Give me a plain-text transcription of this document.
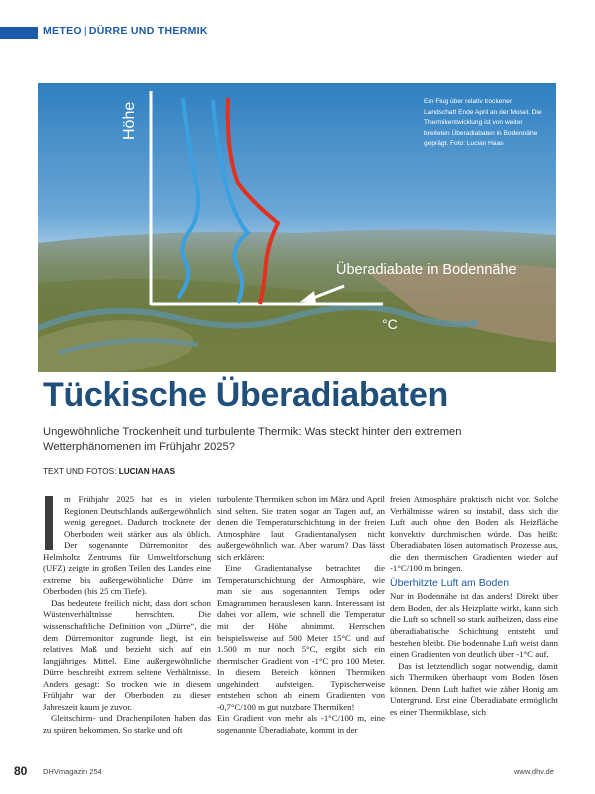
METEO | DÜRRE UND THERMIK
Ein Flug über relativ trockener Landschaft Ende April an der Mosel. Die Thermikentwicklung ist von weiter breiteten Überadiabaten in Bodennähe geprägt. Foto: Lucian Haas
Höhe
Überadiabate in Bodennähe
°C
Tückische Überadiabaten
Ungewöhnliche Trockenheit und turbulente Thermik: Was steckt hinter den extremen Wetterphänomenen im Frühjahr 2025?
TEXT UND FOTOS: LUCIAN HAAS

m Frühjahr 2025 hat es in vielen Regionen Deutschlands außergewöhnlich wenig geregnet. Dadurch trocknete der Oberboden weit stärker aus als üblich. Der sogenannte Dürremonitor des Helmholtz Zentrums für Umweltforschung (UFZ) zeigte in großen Teilen des Landes eine extreme bis außergewöhnliche Dürre im Oberboden (bis 25 cm Tiefe).

Das bedeutete freilich nicht, dass dort schon Wüstenverhältnisse herrschten. Die wissenschaftliche Definition von „Dürre“, die dem Dürremonitor zugrunde liegt, ist ein relatives Maß und bezieht sich auf ein langjähriges Mittel. Eine außergewöhnliche Dürre beschreibt extrem seltene Verhältnisse. Anders gesagt: So trocken wie in diesem Frühjahr war der Oberboden zu dieser Jahreszeit kaum je zuvor.

Gleitschirm- und Drachenpiloten haben das zu spüren bekommen. So starke und oft

turbulente Thermiken schon im März und April sind selten. Sie traten sogar an Tagen auf, an denen die Temperaturschichtung in der freien Atmosphäre laut Gradientanalysen nicht außergewöhnlich war. Aber warum? Das lässt sich erklären:

Eine Gradientanalyse betrachtet die Temperaturschichtung der Atmosphäre, wie man sie aus sogenannten Temps oder Emagrammen herauslesen kann. Interessant ist dabei vor allem, wie schnell die Temperatur mit der Höhe abnimmt. Herrschen beispielsweise auf 500 Meter 15°C und auf 1.500 m nur noch 5°C, ergibt sich ein thermischer Gradient von -1°C pro 100 Meter. In diesem Bereich können Thermiken ungehindert aufsteigen. Typischerweise entstehen schon ab einem Gradienten von -0,7°C/100 m gut nutzbare Thermiken!

Ein Gradient von mehr als -1°C/100 m, eine sogenannte Überadiabate, kommt in der

freien Atmosphäre praktisch nicht vor. Solche Verhältnisse wären so instabil, dass sich die Luft auch ohne den Boden als Heizfläche konvektiv durchmischen würde. Das heißt: Überadiabaten lösen automatisch Prozesse aus, die den thermischen Gradienten wieder auf -1°C/100 m bringen.

Überhitzte Luft am Boden

Nur in Bodennähe ist das anders! Direkt über dem Boden, der als Heizplatte wirkt, kann sich die Luft so schnell so stark aufheizen, dass eine überadiabatische Schichtung entsteht und bestehen bleibt. Die bodennahe Luft weist dann einen Gradienten von deutlich über -1°C auf.

Das ist letztendlich sogar notwendig, damit sich Thermiken überhaupt vom Boden lösen können. Denn Luft haftet wie zäher Honig am Untergrund. Erst eine Überadiabate ermöglicht es einer Thermikblase, sich

80 DHVmagazin 254	www.dhv.de
